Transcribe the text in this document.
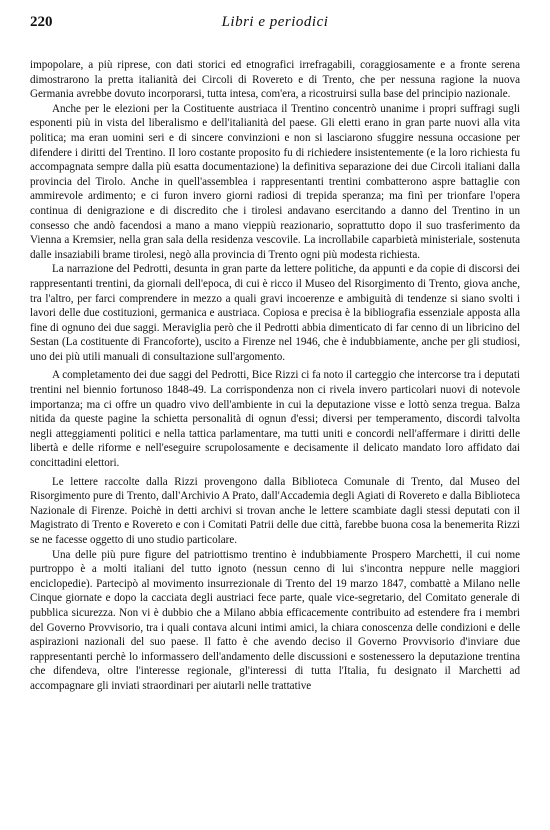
220	Libri e periodici

impopolare, a più riprese, con dati storici ed etnografici irrefragabili, coraggiosamente e a fronte serena dimostrarono la pretta italianità dei Circoli di Rovereto e di Trento, che per nessuna ragione la nuova Germania avrebbe dovuto incorporarsi, tutta intesa, com'era, a ricostruirsi sulla base del principio nazionale.

Anche per le elezioni per la Costituente austriaca il Trentino concentrò unanime i propri suffragi sugli esponenti più in vista del liberalismo e dell'italianità del paese. Gli eletti erano in gran parte nuovi alla vita politica; ma eran uomini seri e di sincere convinzioni e non si lasciarono sfuggire nessuna occasione per difendere i diritti del Trentino. Il loro costante proposito fu di richiedere insistentemente (e la loro richiesta fu accompagnata sempre dalla più esatta documentazione) la definitiva separazione dei due Circoli italiani dalla provincia del Tirolo. Anche in quell'assemblea i rappresentanti trentini combatterono aspre battaglie con ammirevole ardimento; e ci furon invero giorni radiosi di trepida speranza; ma finì per trionfare l'opera continua di denigrazione e di discredito che i tirolesi andavano esercitando a danno del Trentino in un consesso che andò facendosi a mano a mano vieppiù reazionario, soprattutto dopo il suo trasferimento da Vienna a Kremsier, nella gran sala della residenza vescovile. La incrollabile caparbietà ministeriale, sostenuta dalle insaziabili brame tirolesi, negò alla provincia di Trento ogni più modesta richiesta.

La narrazione del Pedrotti, desunta in gran parte da lettere politiche, da appunti e da copie di discorsi dei rappresentanti trentini, da giornali dell'epoca, di cui è ricco il Museo del Risorgimento di Trento, giova anche, tra l'altro, per farci comprendere in mezzo a quali gravi incoerenze e ambiguità di tendenze si siano svolti i lavori delle due costituzioni, germanica e austriaca. Copiosa e precisa è la bibliografia essenziale apposta alla fine di ognuno dei due saggi. Meraviglia però che il Pedrotti abbia dimenticato di far cenno di un libricino del Sestan (La costituente di Francoforte), uscito a Firenze nel 1946, che è indubbiamente, anche per gli studiosi, uno dei più utili manuali di consultazione sull'argomento.

A completamento dei due saggi del Pedrotti, Bice Rizzi ci fa noto il carteggio che intercorse tra i deputati trentini nel biennio fortunoso 1848-49. La corrispondenza non ci rivela invero particolari nuovi di notevole importanza; ma ci offre un quadro vivo dell'ambiente in cui la deputazione visse e lottò senza tregua. Balza nitida da queste pagine la schietta personalità di ognun d'essi; diversi per temperamento, discordi talvolta negli atteggiamenti politici e nella tattica parlamentare, ma tutti uniti e concordi nell'affermare i diritti delle libertà e delle riforme e nell'eseguire scrupolosamente e decisamente il delicato mandato loro affidato dai concittadini elettori.

Le lettere raccolte dalla Rizzi provengono dalla Biblioteca Comunale di Trento, dal Museo del Risorgimento pure di Trento, dall'Archivio A Prato, dall'Accademia degli Agiati di Rovereto e dalla Biblioteca Nazionale di Firenze. Poichè in detti archivi si trovan anche le lettere scambiate dagli stessi deputati con il Magistrato di Trento e Rovereto e con i Comitati Patrii delle due città, farebbe buona cosa la benemerita Rizzi se ne facesse oggetto di uno studio particolare.

Una delle più pure figure del patriottismo trentino è indubbiamente Prospero Marchetti, il cui nome purtroppo è a molti italiani del tutto ignoto (nessun cenno di lui s'incontra neppure nelle maggiori enciclopedie). Partecipò al movimento insurrezionale di Trento del 19 marzo 1847, combattè a Milano nelle Cinque giornate e dopo la cacciata degli austriaci fece parte, quale vice-segretario, del Comitato generale di pubblica sicurezza. Non vi è dubbio che a Milano abbia efficacemente contribuito ad estendere fra i membri del Governo Provvisorio, tra i quali contava alcuni intimi amici, la chiara conoscenza delle condizioni e delle aspirazioni nazionali del suo paese. Il fatto è che avendo deciso il Governo Provvisorio d'inviare due rappresentanti perchè lo informassero dell'andamento delle discussioni e sostenessero la deputazione trentina che difendeva, oltre l'interesse regionale, gl'interessi di tutta l'Italia, fu designato il Marchetti ad accompagnare gli inviati straordinari per aiutarli nelle trattative
